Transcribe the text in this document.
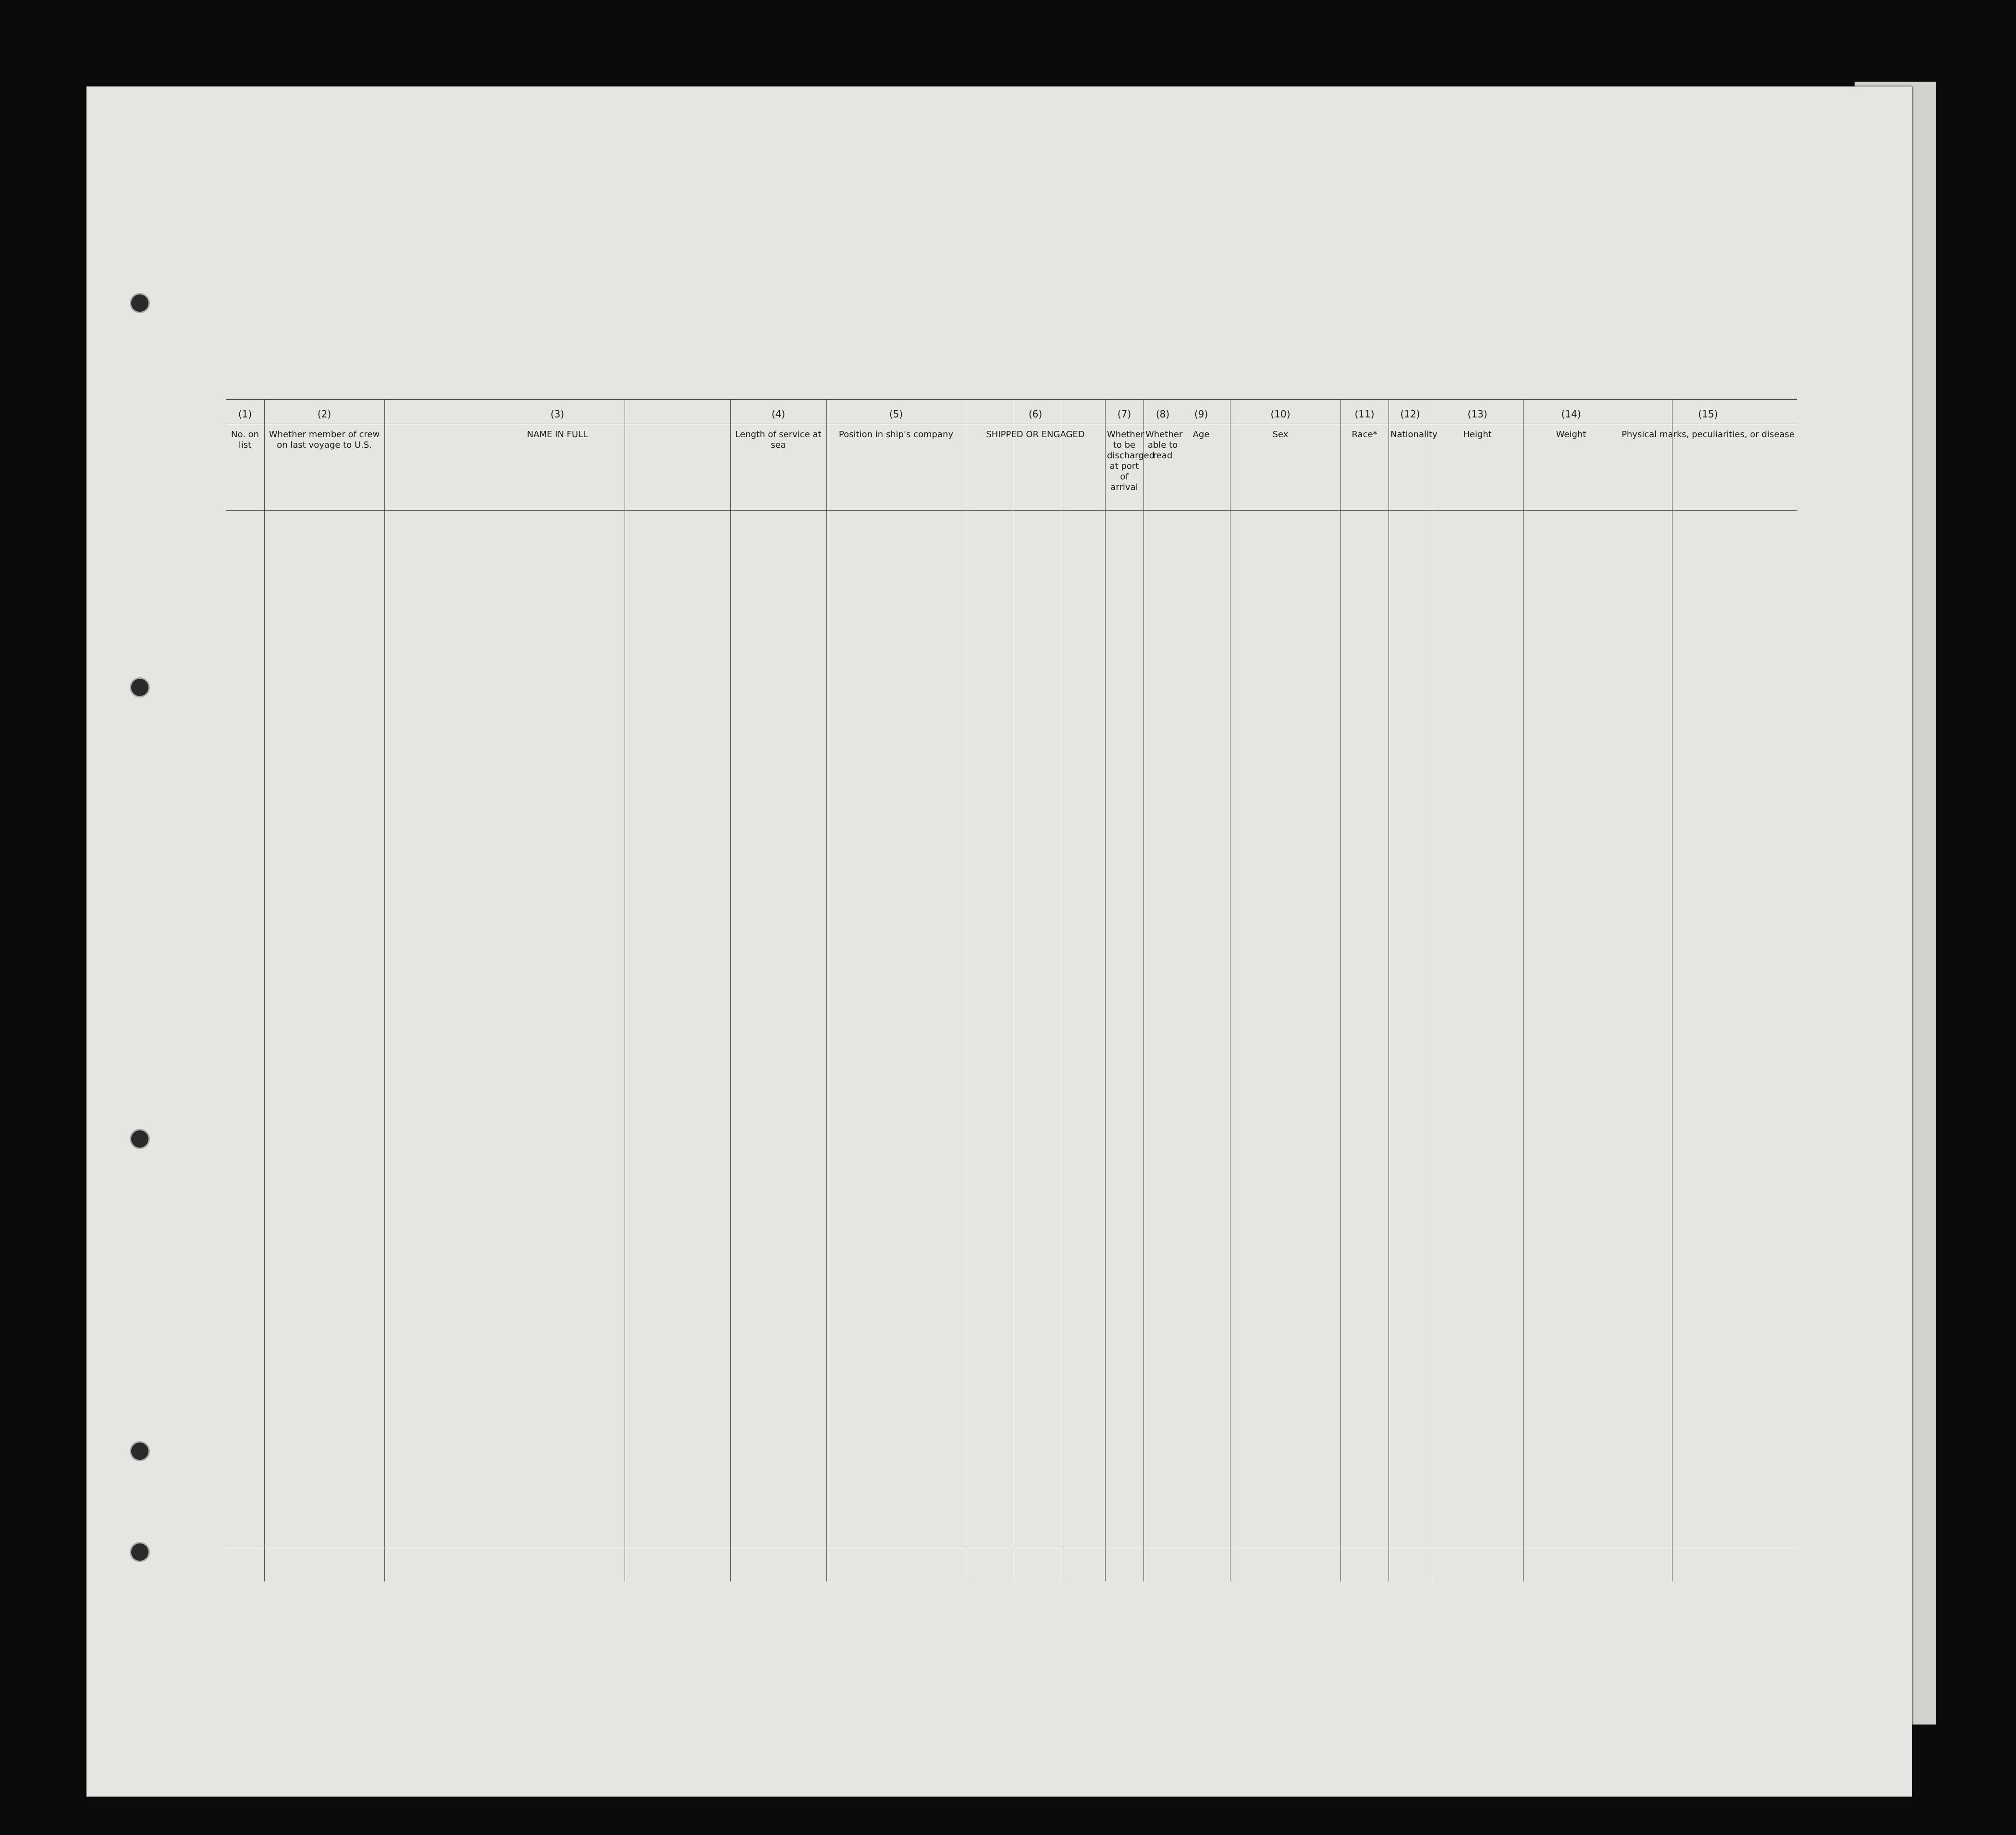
(1)
No. on list
(2)
Whether member of crew on last voyage to U.S.
(3)
NAME IN FULL
(4)
Length of service at sea
(5)
Position in ship's company
(6)
SHIPPED OR ENGAGED
(7)
Whether to be discharged at port of arrival
(8)
Whether able to read
(9)
Age
(10)
Sex
(11)
Race*
(12)
Nationality
(13)
Height
(14)
Weight
(15)
Physical marks, peculiarities, or disease
